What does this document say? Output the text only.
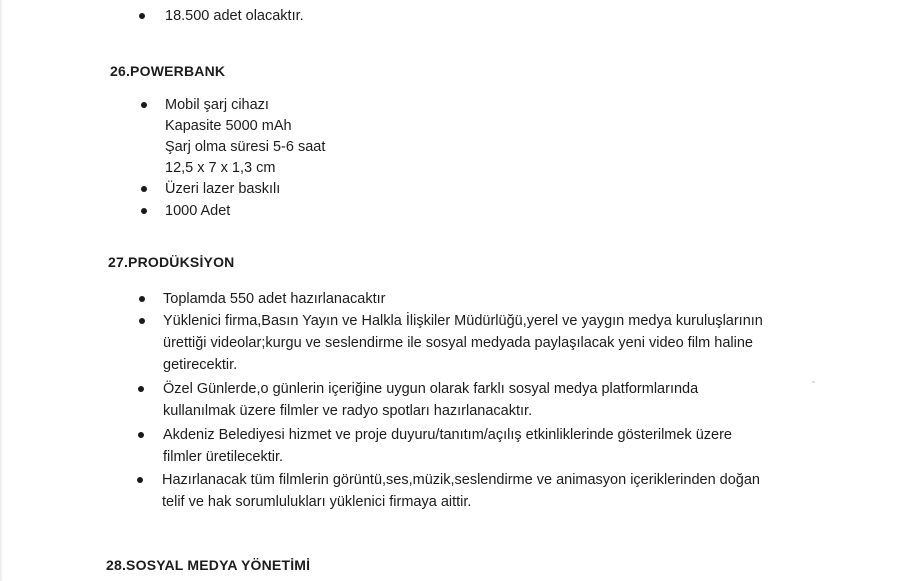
18.500 adet olacaktır.
26.POWERBANK
Mobil şarj cihazı
Kapasite 5000 mAh
Şarj olma süresi 5-6 saat
12,5 x 7 x 1,3 cm
Üzeri lazer baskılı
1000 Adet
27.PRODÜKSİYON
Toplamda 550 adet hazırlanacaktır
Yüklenici firma,Basın Yayın ve Halkla İlişkiler Müdürlüğü,yerel ve yaygın medya kuruluşlarının
ürettiği videolar;kurgu ve seslendirme ile sosyal medyada paylaşılacak yeni video film haline
getirecektir.
Özel Günlerde,o günlerin içeriğine uygun olarak farklı sosyal medya platformlarında
kullanılmak üzere filmler ve radyo spotları hazırlanacaktır.
Akdeniz Belediyesi hizmet ve proje duyuru/tanıtım/açılış etkinliklerinde gösterilmek üzere
filmler üretilecektir.
Hazırlanacak tüm filmlerin görüntü,ses,müzik,seslendirme ve animasyon içeriklerinden doğan
telif ve hak sorumlulukları yüklenici firmaya aittir.
28.SOSYAL MEDYA YÖNETİMİ
